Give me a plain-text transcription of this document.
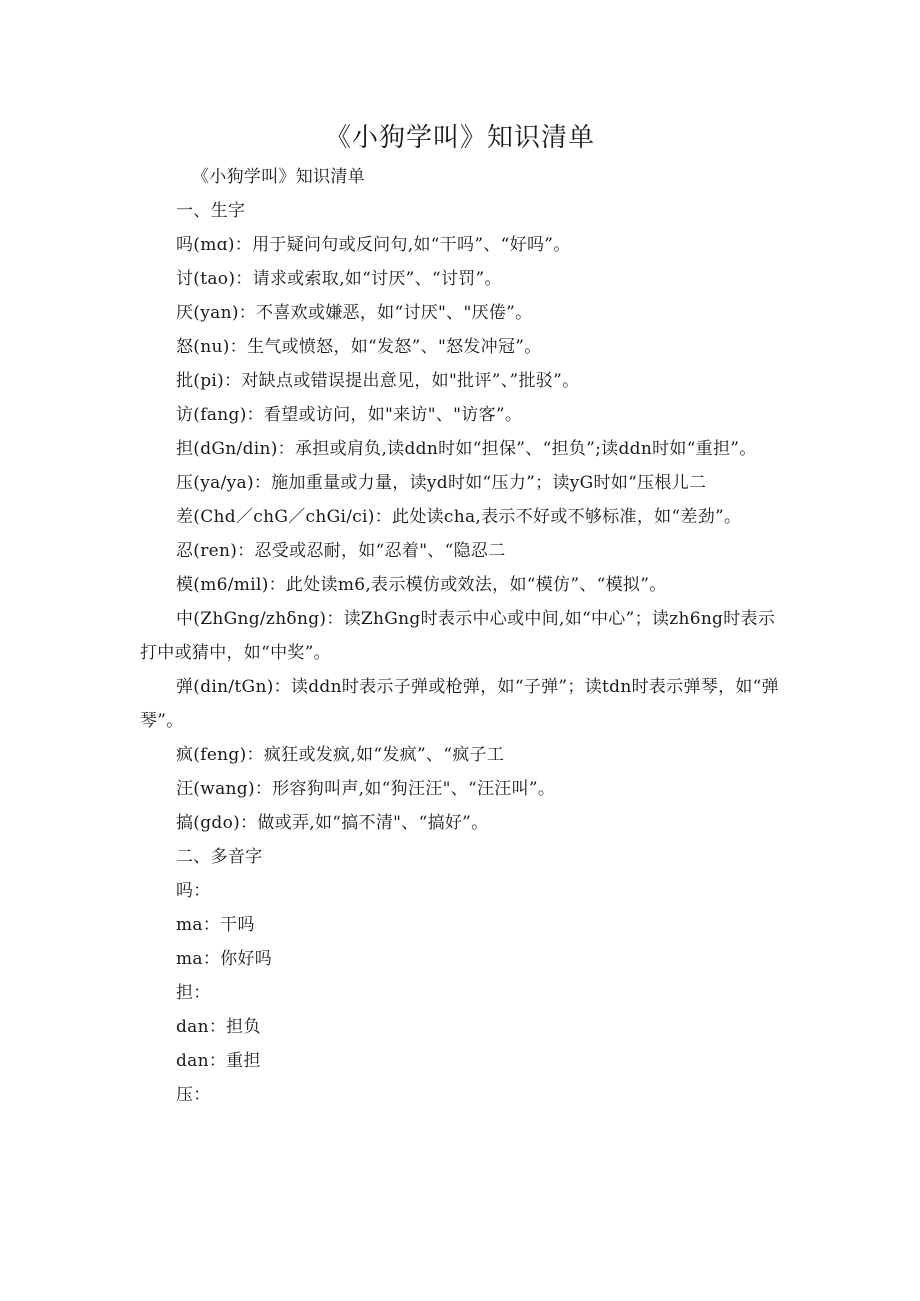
《小狗学叫》知识清单
《小狗学叫》知识清单
一、生字
吗(mɑ)：用于疑问句或反问句,如“干吗”、“好吗”。
讨(tao)：请求或索取,如“讨厌”、“讨罚”。
厌(yan)：不喜欢或嫌恶，如“讨厌"、"厌倦”。
怒(nu)：生气或愤怒，如“发怒”、"怒发冲冠”。
批(pi)：对缺点或错误提出意见，如"批评”、”批驳”。
访(fang)：看望或访问，如"来访"、"访客”。
担(dGn/din)：承担或肩负,读ddn时如“担保”、“担负”;读ddn时如“重担”。
压(ya/ya)：施加重量或力量，读yd时如“压力”；读yG时如“压根儿二
差(Chd／chG／chGi/ci)：此处读cha,表示不好或不够标准，如“差劲”。
忍(ren)：忍受或忍耐，如“忍着"、“隐忍二
模(m6/mil)：此处读m6,表示模仿或效法，如“模仿”、“模拟”。
中(ZhGng/zhδng)：读ZhGng时表示中心或中间,如“中心”；读zh6ng时表示打中或猜中，如“中奖”。
弹(din/tGn)：读ddn时表示子弹或枪弹，如“子弹”；读tdn时表示弹琴，如“弹琴”。
疯(feng)：疯狂或发疯,如“发疯”、“疯子工
汪(wang)：形容狗叫声,如“狗汪汪"、“汪汪叫”。
搞(gdo)：做或弄,如“搞不清"、“搞好”。
二、多音字
吗：
ma：干吗
ma：你好吗
担：
dan：担负
dan：重担
压：
